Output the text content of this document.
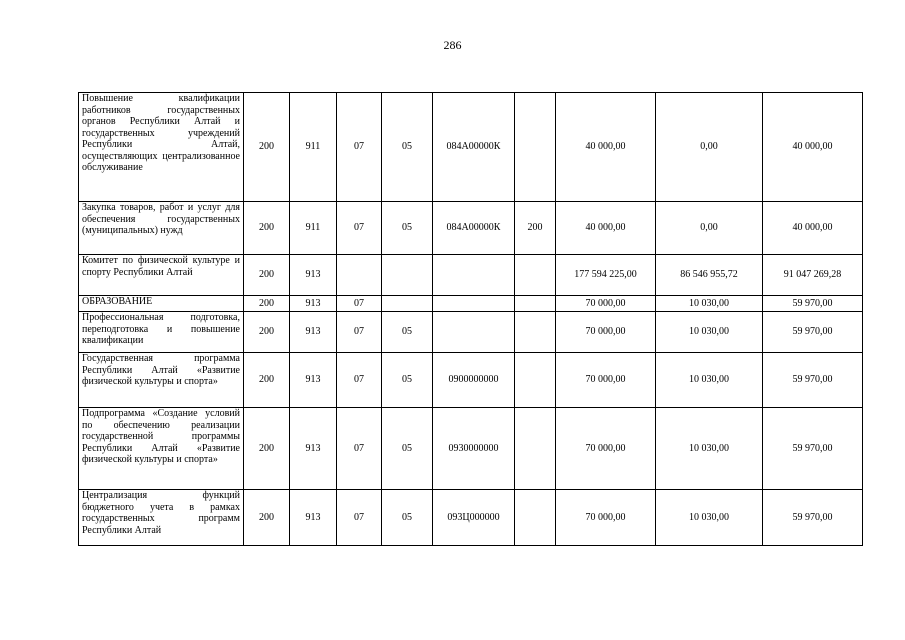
286
Повышение квалификации работников государственных органов Республики Алтай и государственных учреждений Республики Алтай, осуществляющих централизованное обслуживание	200	911	07	05	084А00000К		40 000,00	0,00	40 000,00
Закупка товаров, работ и услуг для обеспечения государственных (муниципальных) нужд	200	911	07	05	084А00000К	200	40 000,00	0,00	40 000,00
Комитет по физической культуре и спорту Республики Алтай	200	913					177 594 225,00	86 546 955,72	91 047 269,28
ОБРАЗОВАНИЕ	200	913	07				70 000,00	10 030,00	59 970,00
Профессиональная подготовка, переподготовка и повышение квалификации	200	913	07	05			70 000,00	10 030,00	59 970,00
Государственная программа Республики Алтай «Развитие физической культуры и спорта»	200	913	07	05	0900000000		70 000,00	10 030,00	59 970,00
Подпрограмма «Создание условий по обеспечению реализации государственной программы Республики Алтай «Развитие физической культуры и спорта»	200	913	07	05	0930000000		70 000,00	10 030,00	59 970,00
Централизация функций бюджетного учета в рамках государственных программ Республики Алтай	200	913	07	05	093Ц000000		70 000,00	10 030,00	59 970,00
